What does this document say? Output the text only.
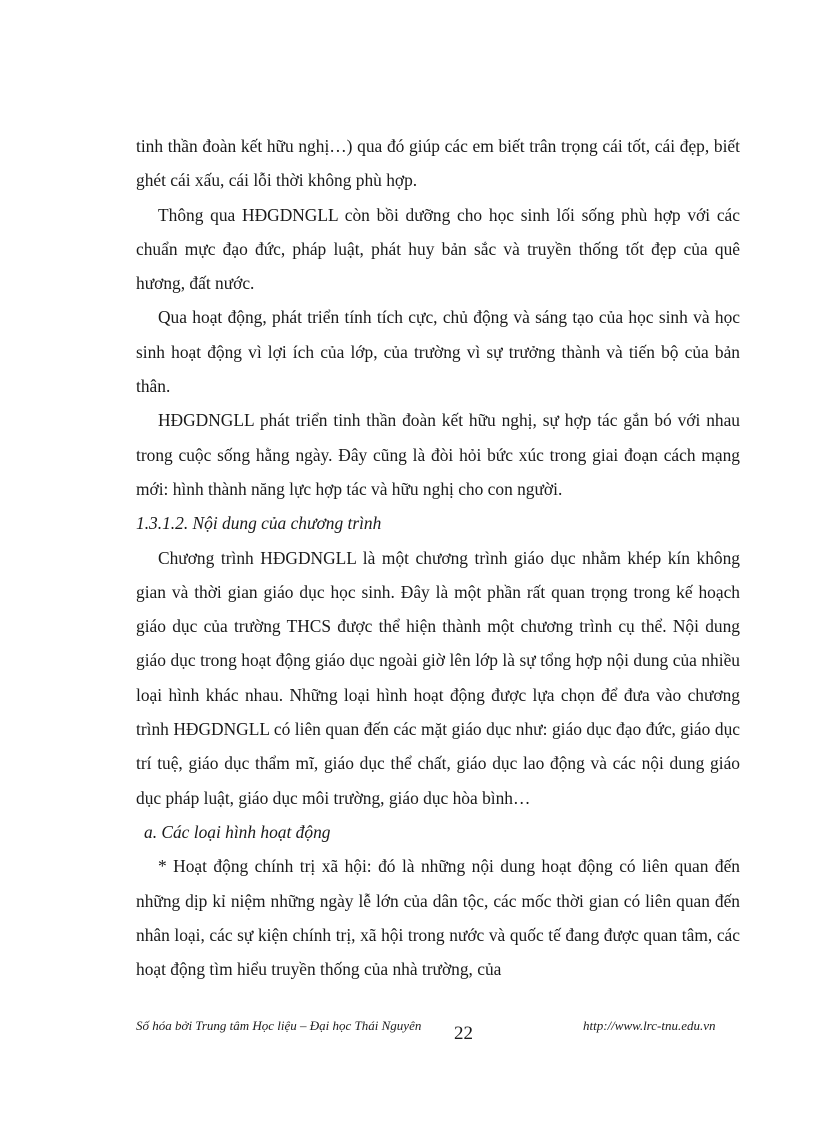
tinh thần đoàn kết hữu nghị…) qua đó giúp các em biết trân trọng cái tốt, cái đẹp, biết ghét cái xấu, cái lỗi thời không phù hợp.

Thông qua HĐGDNGLL còn bồi dưỡng cho học sinh lối sống phù hợp với các chuẩn mực đạo đức, pháp luật, phát huy bản sắc và truyền thống tốt đẹp của quê hương, đất nước.

Qua hoạt động, phát triển tính tích cực, chủ động và sáng tạo của học sinh và học sinh hoạt động vì lợi ích của lớp, của trường vì sự trưởng thành và tiến bộ của bản thân.

HĐGDNGLL phát triển tinh thần đoàn kết hữu nghị, sự hợp tác gắn bó với nhau trong cuộc sống hằng ngày. Đây cũng là đòi hỏi bức xúc trong giai đoạn cách mạng mới: hình thành năng lực hợp tác và hữu nghị cho con người.

1.3.1.2. Nội dung của chương trình

Chương trình HĐGDNGLL là một chương trình giáo dục nhằm khép kín không gian và thời gian giáo dục học sinh. Đây là một phần rất quan trọng trong kế hoạch giáo dục của trường THCS được thể hiện thành một chương trình cụ thể. Nội dung giáo dục trong hoạt động giáo dục ngoài giờ lên lớp là sự tổng hợp nội dung của nhiều loại hình khác nhau. Những loại hình hoạt động được lựa chọn để đưa vào chương trình HĐGDNGLL có liên quan đến các mặt giáo dục như: giáo dục đạo đức, giáo dục trí tuệ, giáo dục thẩm mĩ, giáo dục thể chất, giáo dục lao động và các nội dung giáo dục pháp luật, giáo dục môi trường, giáo dục hòa bình…

a. Các loại hình hoạt động

* Hoạt động chính trị xã hội: đó là những nội dung hoạt động có liên quan đến những dịp kỉ niệm những ngày lễ lớn của dân tộc, các mốc thời gian có liên quan đến nhân loại, các sự kiện chính trị, xã hội trong nước và quốc tế đang được quan tâm, các hoạt động tìm hiểu truyền thống của nhà trường, của

Số hóa bởi Trung tâm Học liệu – Đại học Thái Nguyên 22	http://www.lrc-tnu.edu.vn
